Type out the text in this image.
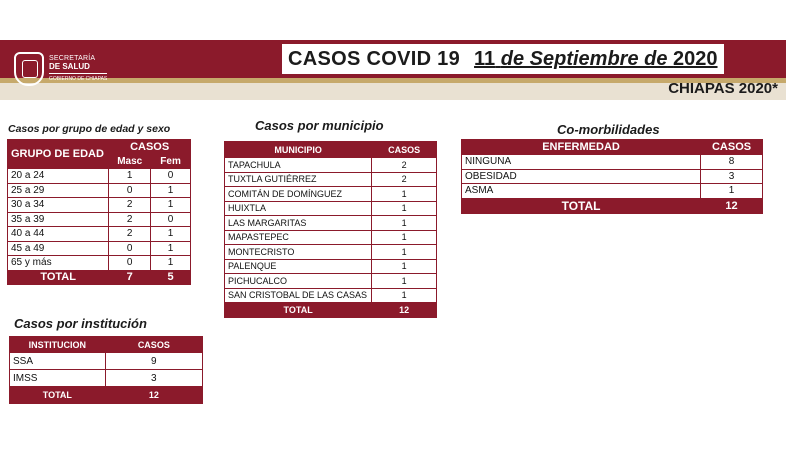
SECRETARÍA
DE SALUD
GOBIERNO DE CHIAPAS
CASOS COVID 19 11 de Septiembre de 2020
CHIAPAS 2020*
Casos por grupo de edad y sexo
GRUPO DE EDAD	CASOS	
	Masc	Fem
20 a 24	1	0
25 a 29	0	1
30 a 34	2	1
35 a 39	2	0
40 a 44	2	1
45 a 49	0	1
65 y más	0	1
TOTAL	7	5
Casos por municipio
MUNICIPIO	CASOS
TAPACHULA	2
TUXTLA GUTIÉRREZ	2
COMITÁN DE DOMÍNGUEZ	1
HUIXTLA	1
LAS MARGARITAS	1
MAPASTEPEC	1
MONTECRISTO	1
PALENQUE	1
PICHUCALCO	1
SAN CRISTOBAL DE LAS CASAS	1
TOTAL	12
Co-morbilidades
ENFERMEDAD	CASOS
NINGUNA	8
OBESIDAD	3
ASMA	1
TOTAL	12
Casos por institución
INSTITUCION	CASOS
SSA	9
IMSS	3
TOTAL	12
